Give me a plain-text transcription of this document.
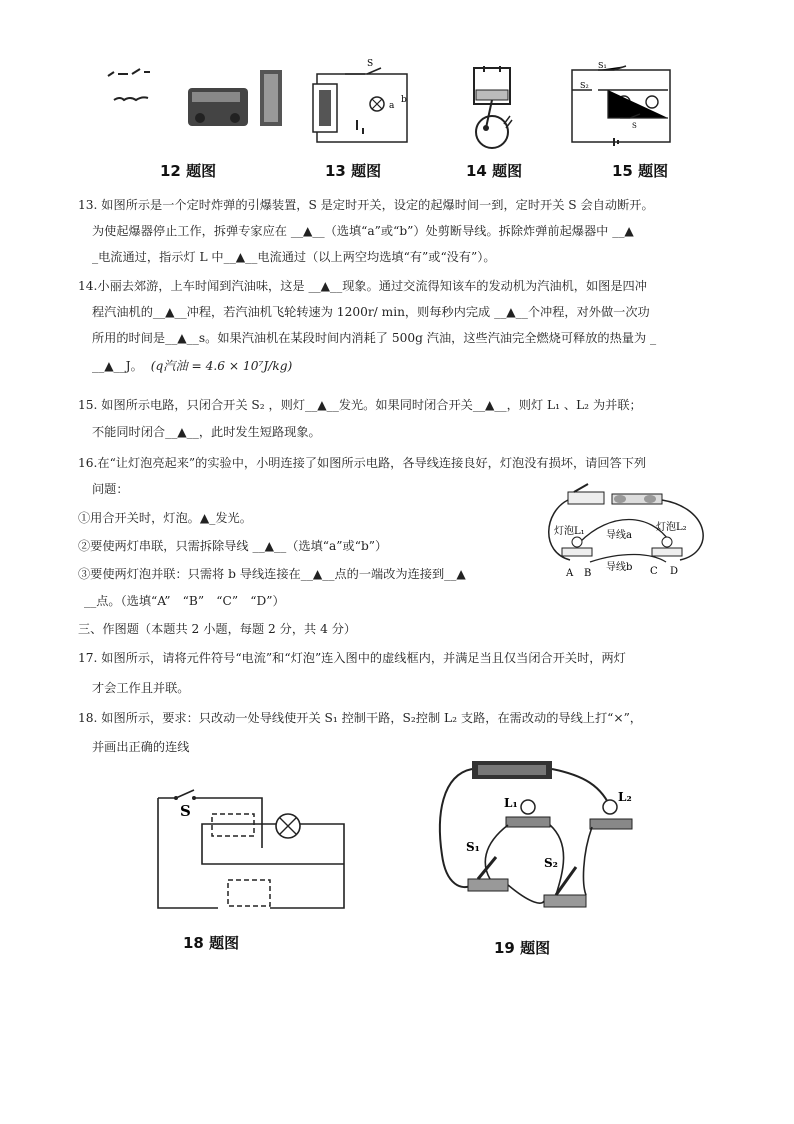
12 题图
S
a
b
13 题图	14 题图
S₁
S₂
L₁	L₂
S
15 题图
13. 如图所示是一个定时炸弹的引爆装置，S 是定时开关，设定的起爆时间一到，定时开关 S 会自动断开。
为使起爆器停止工作，拆弹专家应在 __▲__（选填“a”或“b”）处剪断导线。拆除炸弹前起爆器中 __▲
_电流通过，指示灯 L 中__▲__电流通过（以上两空均选填“有”或“没有”）。
14.小丽去郊游，上车时闻到汽油味，这是 __▲__现象。通过交流得知该车的发动机为汽油机，如图是四冲
程汽油机的__▲__冲程，若汽油机飞轮转速为 1200r/ min，则每秒内完成 __▲__个冲程，对外做一次功
所用的时间是__▲__s。如果汽油机在某段时间内消耗了 500g 汽油，这些汽油完全燃烧可释放的热量为 _
__▲__J。 (q汽油 = 4.6 × 10⁷J/kg)
15. 如图所示电路，只闭合开关 S₂ ，则灯__▲__发光。如果同时闭合开关__▲__，则灯 L₁ 、L₂ 为并联；
不能同时闭合__▲__，此时发生短路现象。
16.在“让灯泡亮起来”的实验中，小明连接了如图所示电路，各导线连接良好，灯泡没有损坏，请回答下列
问题：
①用合开关时，灯泡。▲_发光。
②要使两灯串联，只需拆除导线 __▲__（选填“a”或“b”）
③要使两灯泡并联：只需将 b 导线连接在__▲__点的一端改为连接到__▲
__点。（选填“A”　“B”　“C”　“D”）
灯泡L₁ 导线a
灯泡L₂
导线b
A B	C D
三、作图题（本题共 2 小题，每题 2 分，共 4 分）
17. 如图所示，请将元件符号“电流”和“灯泡”连入图中的虚线框内，并满足当且仅当闭合开关时，两灯
才会工作且并联。
18. 如图所示，要求：只改动一处导线使开关 S₁ 控制干路，S₂控制 L₂ 支路，在需改动的导线上打“×”，
并画出正确的连线
S
18 题图
L₁	L₂
S₁
S₂
19 题图
